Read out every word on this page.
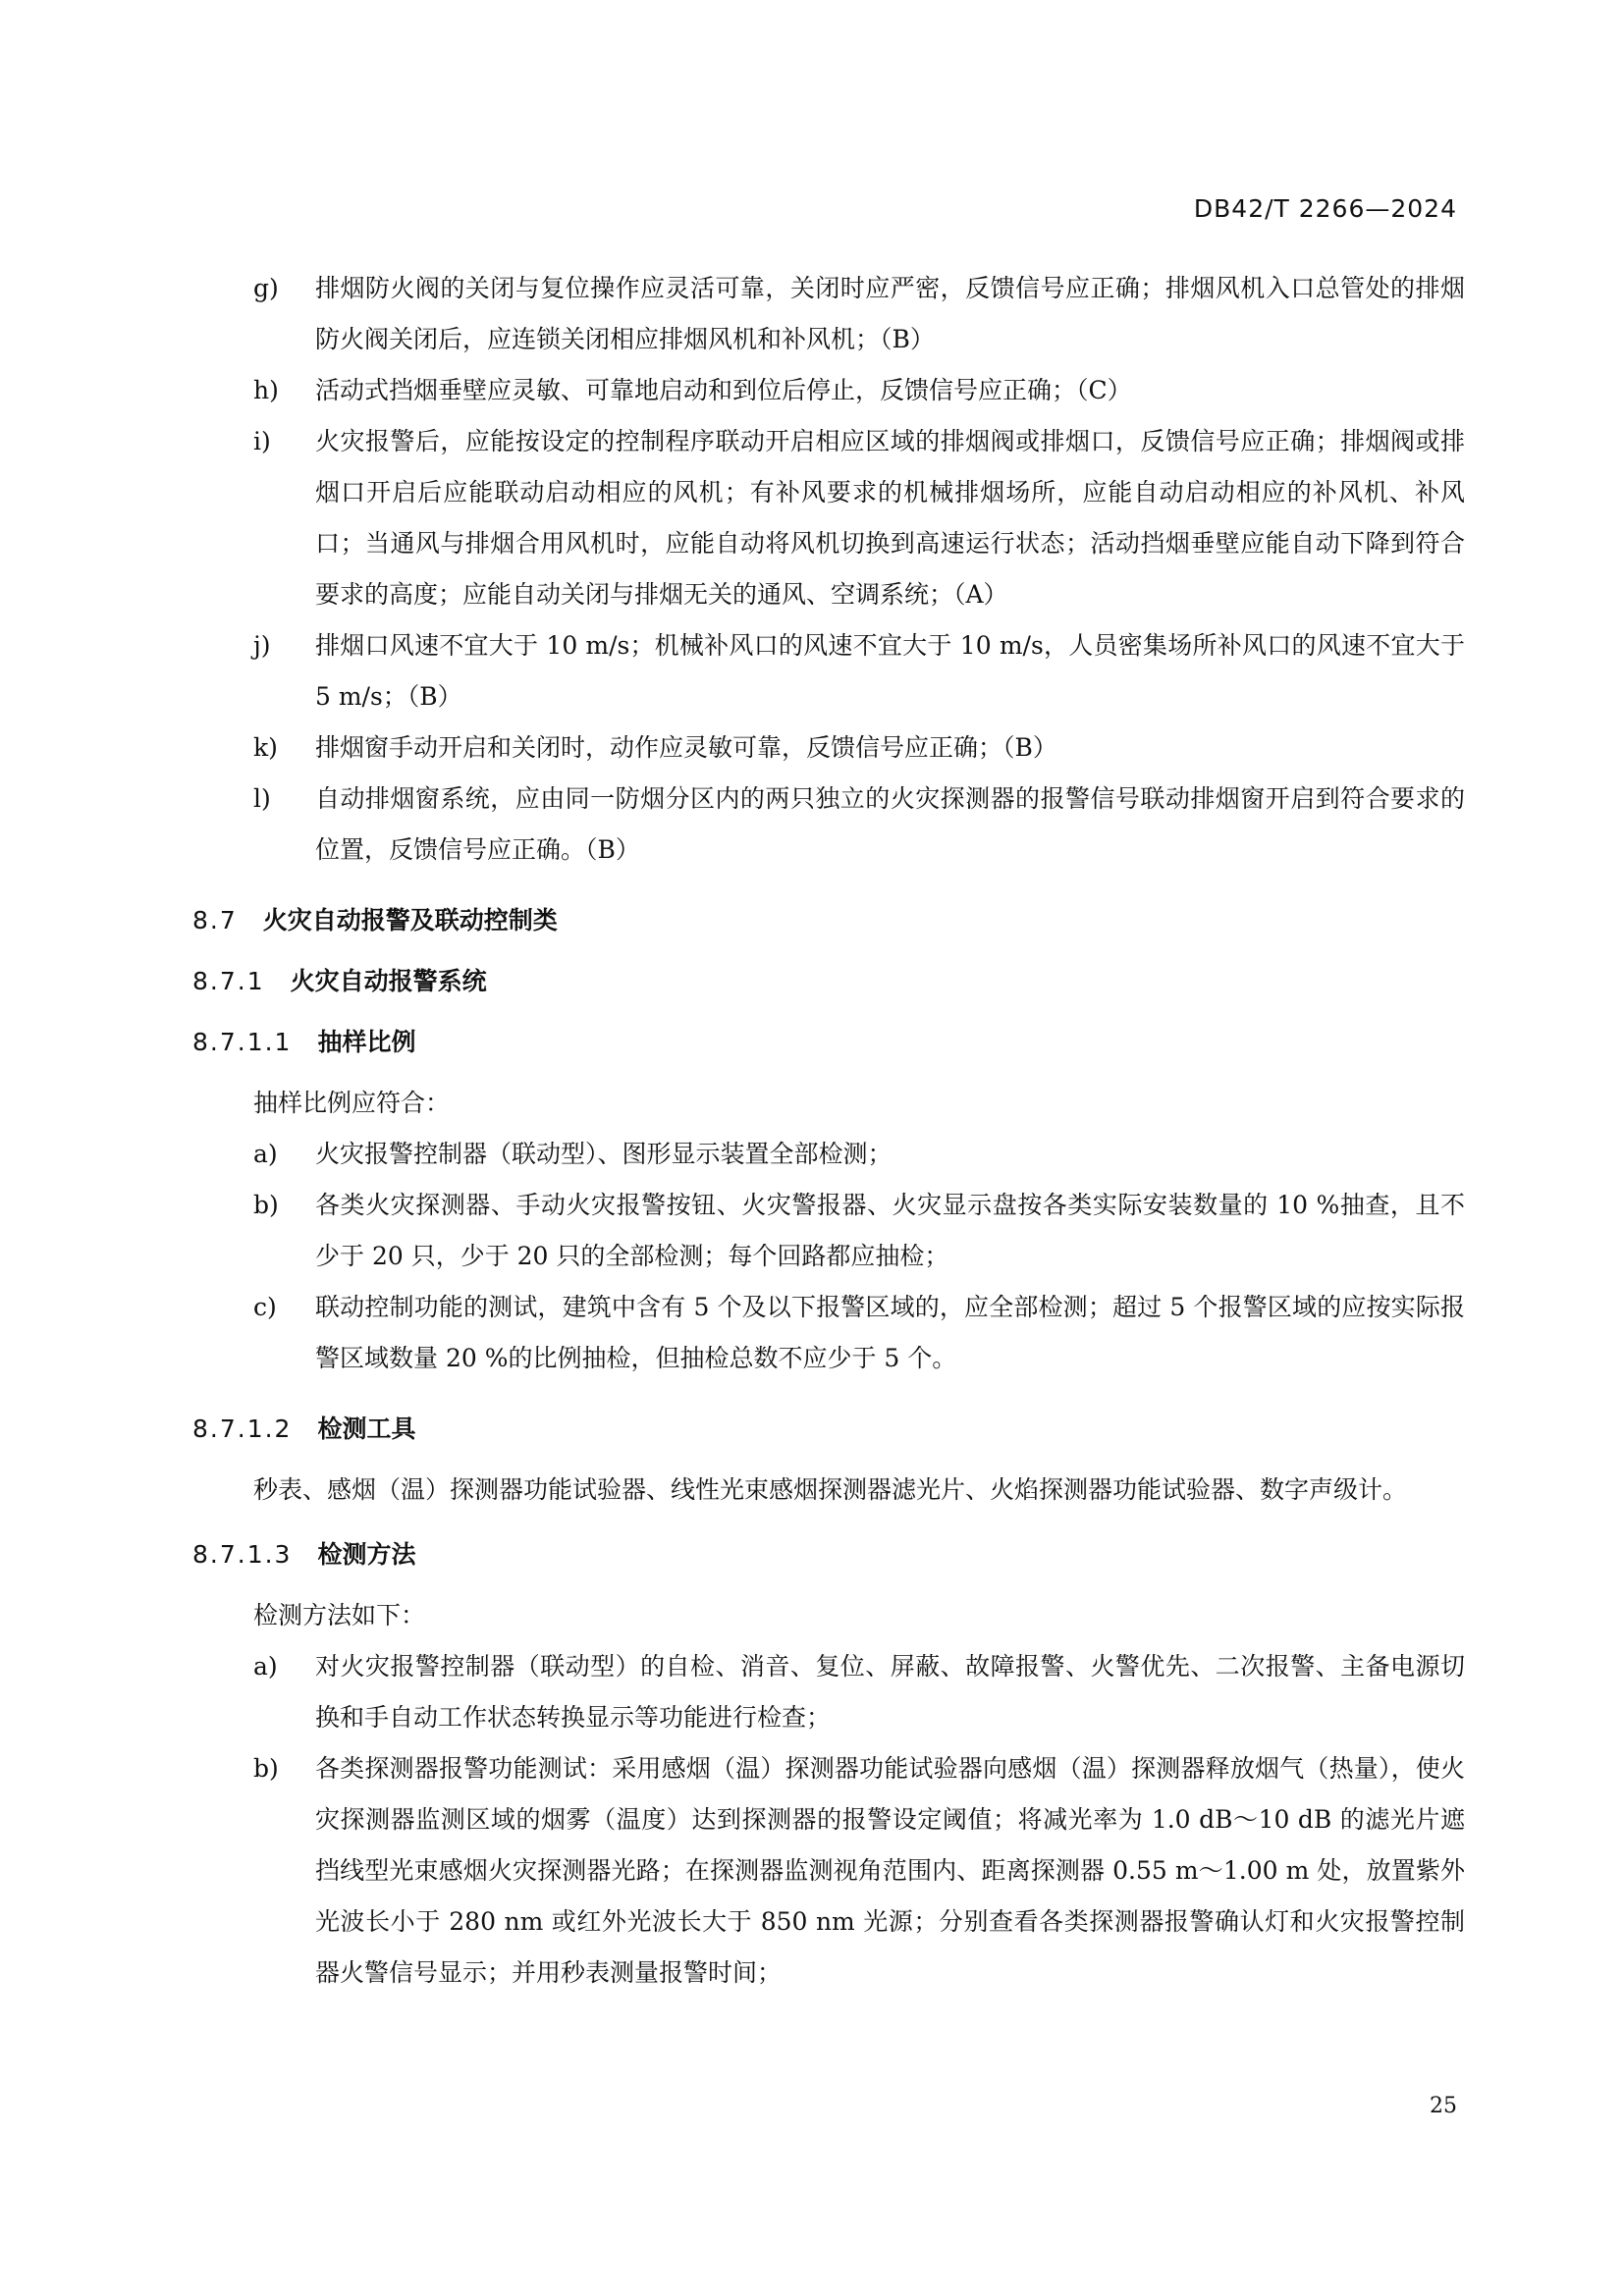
DB42/T 2266—2024
g) 排烟防火阀的关闭与复位操作应灵活可靠，关闭时应严密，反馈信号应正确；排烟风机入口总管处的排烟防火阀关闭后，应连锁关闭相应排烟风机和补风机；（B）
h) 活动式挡烟垂壁应灵敏、可靠地启动和到位后停止，反馈信号应正确；（C）
i) 火灾报警后，应能按设定的控制程序联动开启相应区域的排烟阀或排烟口，反馈信号应正确；排烟阀或排烟口开启后应能联动启动相应的风机；有补风要求的机械排烟场所，应能自动启动相应的补风机、补风口；当通风与排烟合用风机时，应能自动将风机切换到高速运行状态；活动挡烟垂壁应能自动下降到符合要求的高度；应能自动关闭与排烟无关的通风、空调系统；（A）
j) 排烟口风速不宜大于 10 m/s；机械补风口的风速不宜大于 10 m/s，人员密集场所补风口的风速不宜大于 5 m/s；（B）
k) 排烟窗手动开启和关闭时，动作应灵敏可靠，反馈信号应正确；（B）
l) 自动排烟窗系统，应由同一防烟分区内的两只独立的火灾探测器的报警信号联动排烟窗开启到符合要求的位置，反馈信号应正确。（B）
8.7 火灾自动报警及联动控制类
8.7.1 火灾自动报警系统
8.7.1.1 抽样比例
抽样比例应符合：
a) 火灾报警控制器（联动型）、图形显示装置全部检测；
b) 各类火灾探测器、手动火灾报警按钮、火灾警报器、火灾显示盘按各类实际安装数量的 10 %抽查，且不少于 20 只，少于 20 只的全部检测；每个回路都应抽检；
c) 联动控制功能的测试，建筑中含有 5 个及以下报警区域的，应全部检测；超过 5 个报警区域的应按实际报警区域数量 20 %的比例抽检，但抽检总数不应少于 5 个。
8.7.1.2 检测工具
秒表、感烟（温）探测器功能试验器、线性光束感烟探测器滤光片、火焰探测器功能试验器、数字声级计。
8.7.1.3 检测方法
检测方法如下：
a) 对火灾报警控制器（联动型）的自检、消音、复位、屏蔽、故障报警、火警优先、二次报警、主备电源切换和手自动工作状态转换显示等功能进行检查；
b) 各类探测器报警功能测试：采用感烟（温）探测器功能试验器向感烟（温）探测器释放烟气（热量），使火灾探测器监测区域的烟雾（温度）达到探测器的报警设定阈值；将减光率为 1.0 dB～10 dB 的滤光片遮挡线型光束感烟火灾探测器光路；在探测器监测视角范围内、距离探测器 0.55 m～1.00 m 处，放置紫外光波长小于 280 nm 或红外光波长大于 850 nm 光源；分别查看各类探测器报警确认灯和火灾报警控制器火警信号显示；并用秒表测量报警时间；
25
